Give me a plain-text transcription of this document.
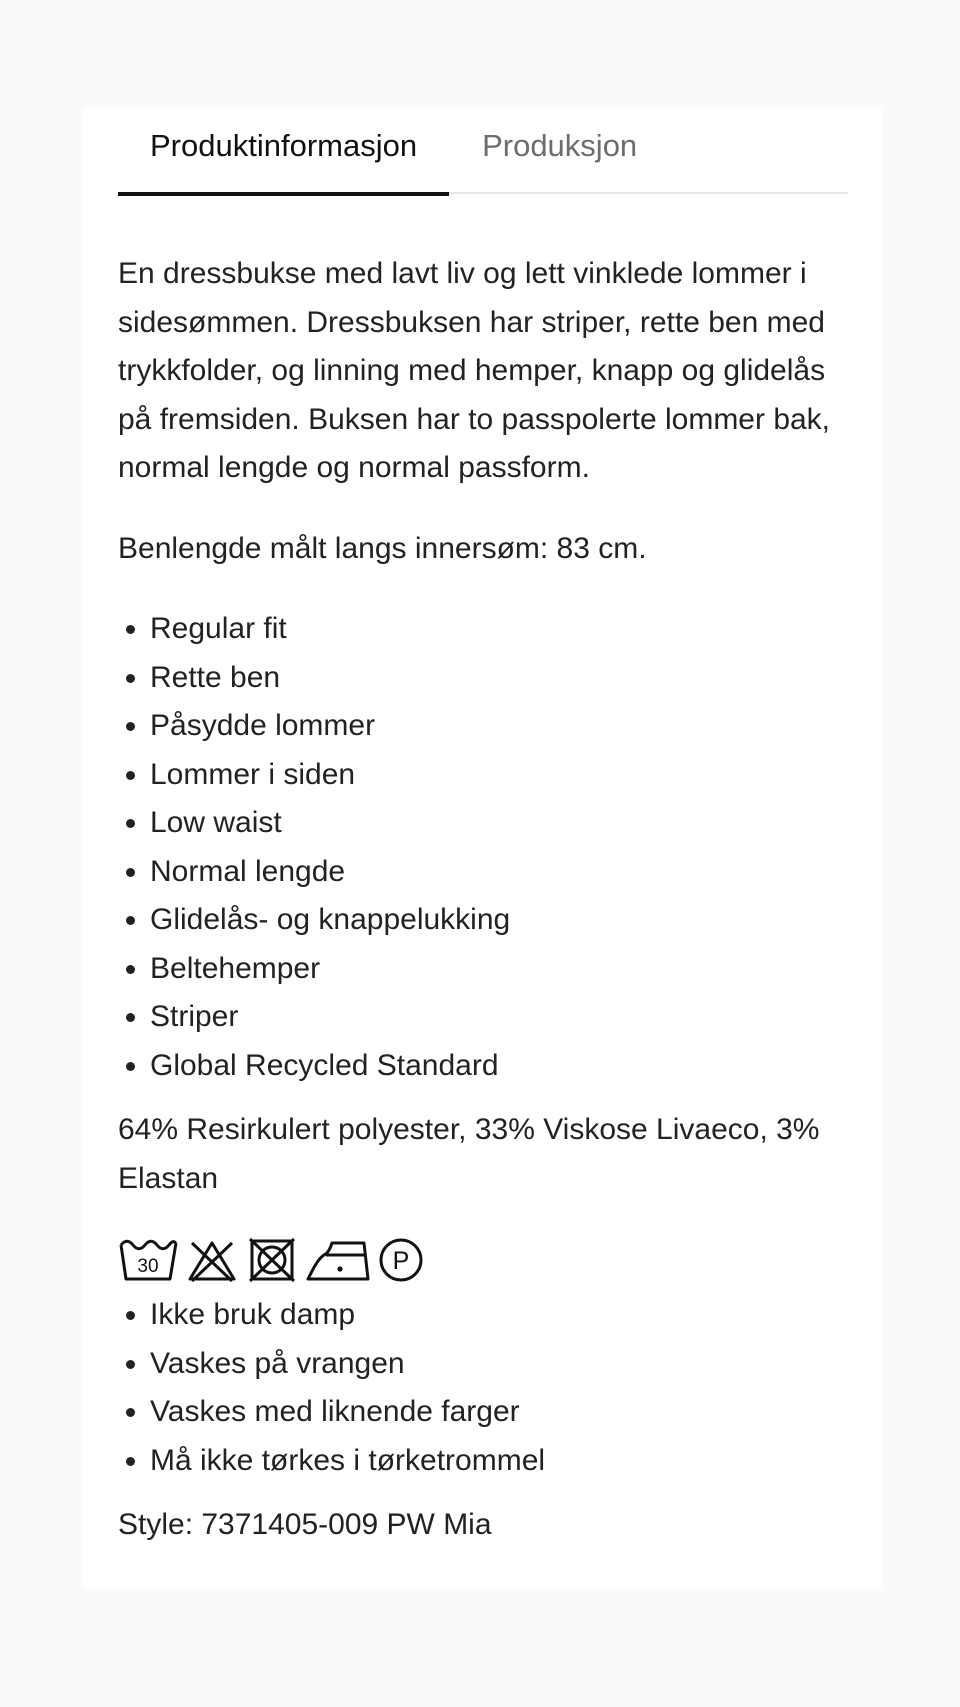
Produktinformasjon	Produksjon

En dressbukse med lavt liv og lett vinklede lommer i sidesømmen. Dressbuksen har striper, rette ben med trykkfolder, og linning med hemper, knapp og glidelås på fremsiden. Buksen har to passpolerte lommer bak, normal lengde og normal passform.

Benlengde målt langs innersøm: 83 cm.

• Regular fit
• Rette ben
• Påsydde lommer
• Lommer i siden
• Low waist
• Normal lengde
• Glidelås- og knappelukking
• Beltehemper
• Striper
• Global Recycled Standard

64% Resirkulert polyester, 33% Viskose Livaeco, 3% Elastan

30	P
• Ikke bruk damp
• Vaskes på vrangen
• Vaskes med liknende farger
• Må ikke tørkes i tørketrommel

Style: 7371405-009 PW Mia
